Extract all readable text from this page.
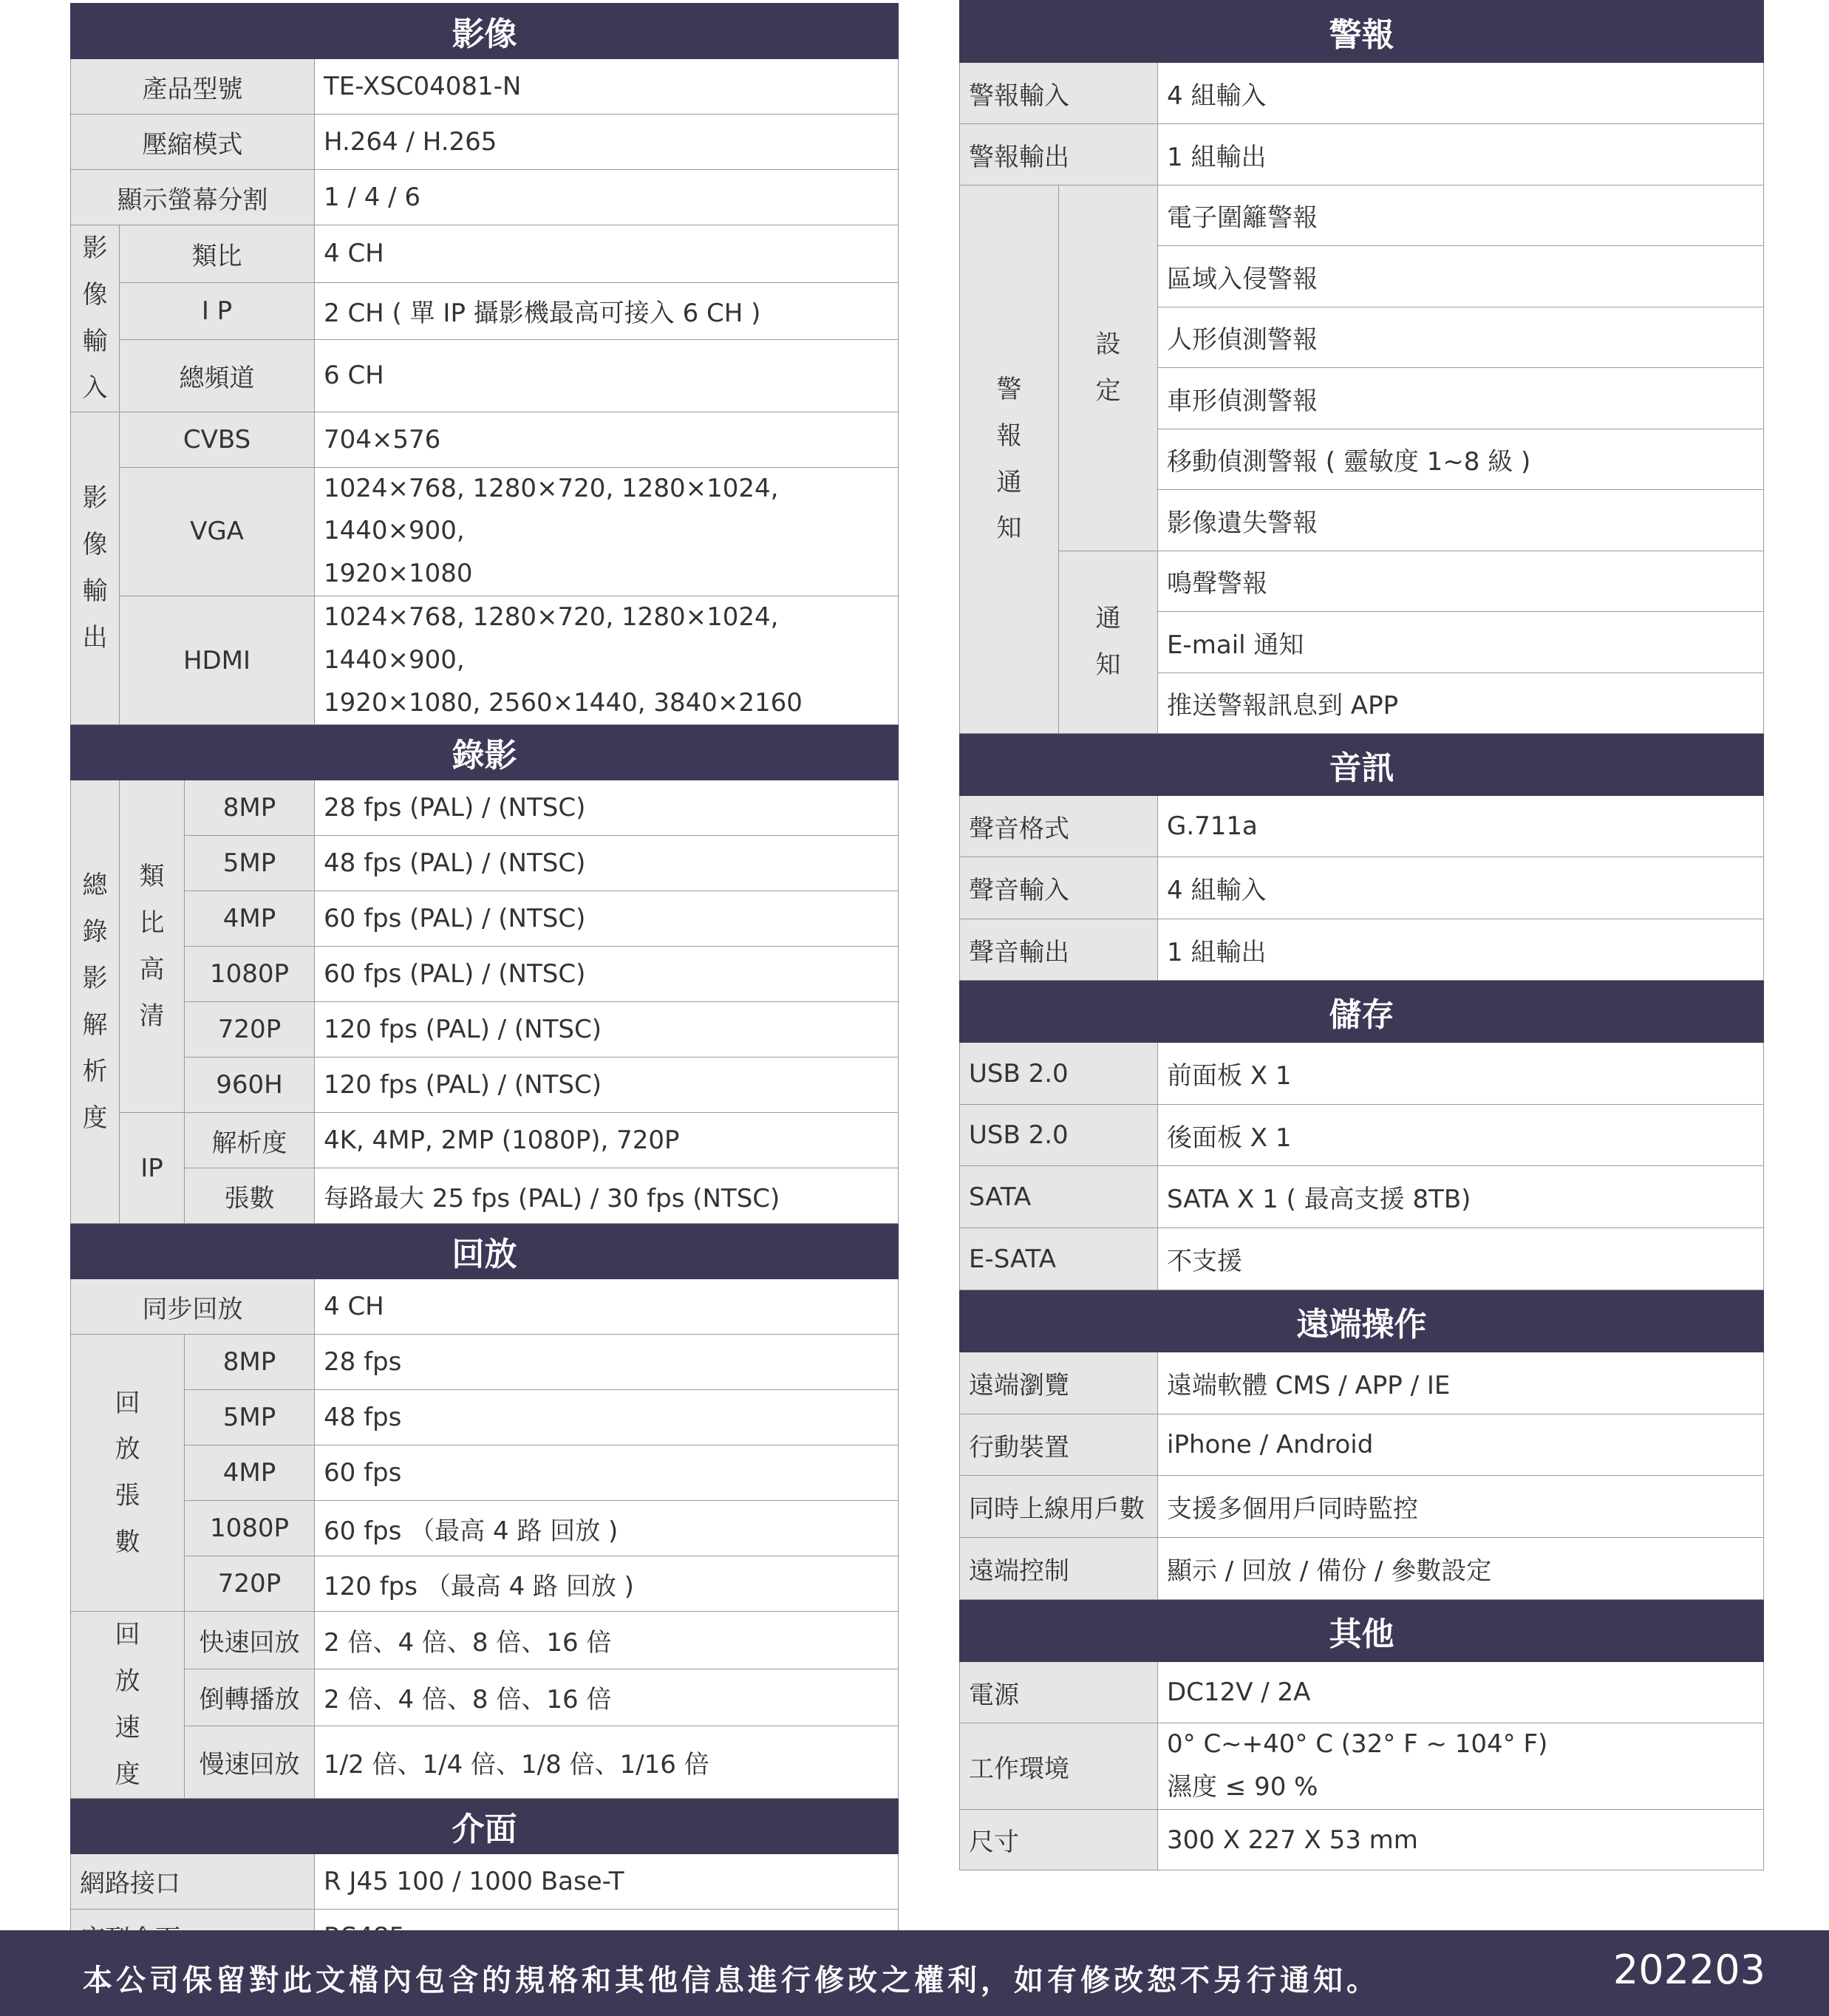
影像			
產品型號			TE-XSC04081-N
壓縮模式			H.264 / H.265
顯示螢幕分割			1 / 4 / 6
影像輸入	類比		4 CH
	I P		2 CH ( 單 IP 攝影機最高可接入 6 CH )
	總頻道		6 CH
影像輸出	CVBS		704×576
	VGA		1024×768, 1280×720, 1280×1024, 1440×900,
1920×1080

	HDMI		1024×768, 1280×720, 1280×1024, 1440×900,
1920×1080, 2560×1440, 3840×2160

錄影			
總錄影解析度	類比高清	8MP	28 fps (PAL) / (NTSC)
		5MP	48 fps (PAL) / (NTSC)
		4MP	60 fps (PAL) / (NTSC)
		1080P	60 fps (PAL) / (NTSC)
		720P	120 fps (PAL) / (NTSC)
		960H	120 fps (PAL) / (NTSC)
	IP	解析度	4K, 4MP, 2MP (1080P), 720P
		張數	每路最大 25 fps (PAL) / 30 fps (NTSC)
回放			
同步回放			4 CH
回放張數		8MP	28 fps
		5MP	48 fps
		4MP	60 fps
		1080P	60 fps （最高 4 路 回放 )
		720P	120 fps （最高 4 路 回放 )
回放速度		快速回放	2 倍、4 倍、8 倍、16 倍
		倒轉播放	2 倍、4 倍、8 倍、16 倍
		慢速回放	1/2 倍、1/4 倍、1/8 倍、1/16 倍
介面			
網路接口			R J45 100 / 1000 Base-T

警報		
警報輸入		4 組輸入
警報輸出		1 組輸出
警報通知	設定	電子圍籬警報
		區域入侵警報
		人形偵測警報
		車形偵測警報
		移動偵測警報 ( 靈敏度 1~8 級 )
		影像遺失警報
	通知	鳴聲警報
		E-mail 通知
		推送警報訊息到 APP
音訊		
聲音格式		G.711a
聲音輸入		4 組輸入
聲音輸出		1 組輸出
儲存		
USB 2.0		前面板 X 1
USB 2.0		後面板 X 1
SATA		SATA X 1 ( 最高支援 8TB)
E-SATA		不支援
遠端操作		
遠端瀏覽		遠端軟體 CMS / APP / IE
行動裝置		iPhone / Android
同時上線用戶數		支援多個用戶同時監控
遠端控制		顯示 / 回放 / 備份 / 參數設定
其他		
電源		DC12V / 2A
工作環境		0° C~+40° C (32° F ~ 104° F)
濕度 ≤ 90 %

尺寸		300 X 227 X 53 mm
本公司保留對此文檔內包含的規格和其他信息進行修改之權利，如有修改恕不另行通知。	202203
